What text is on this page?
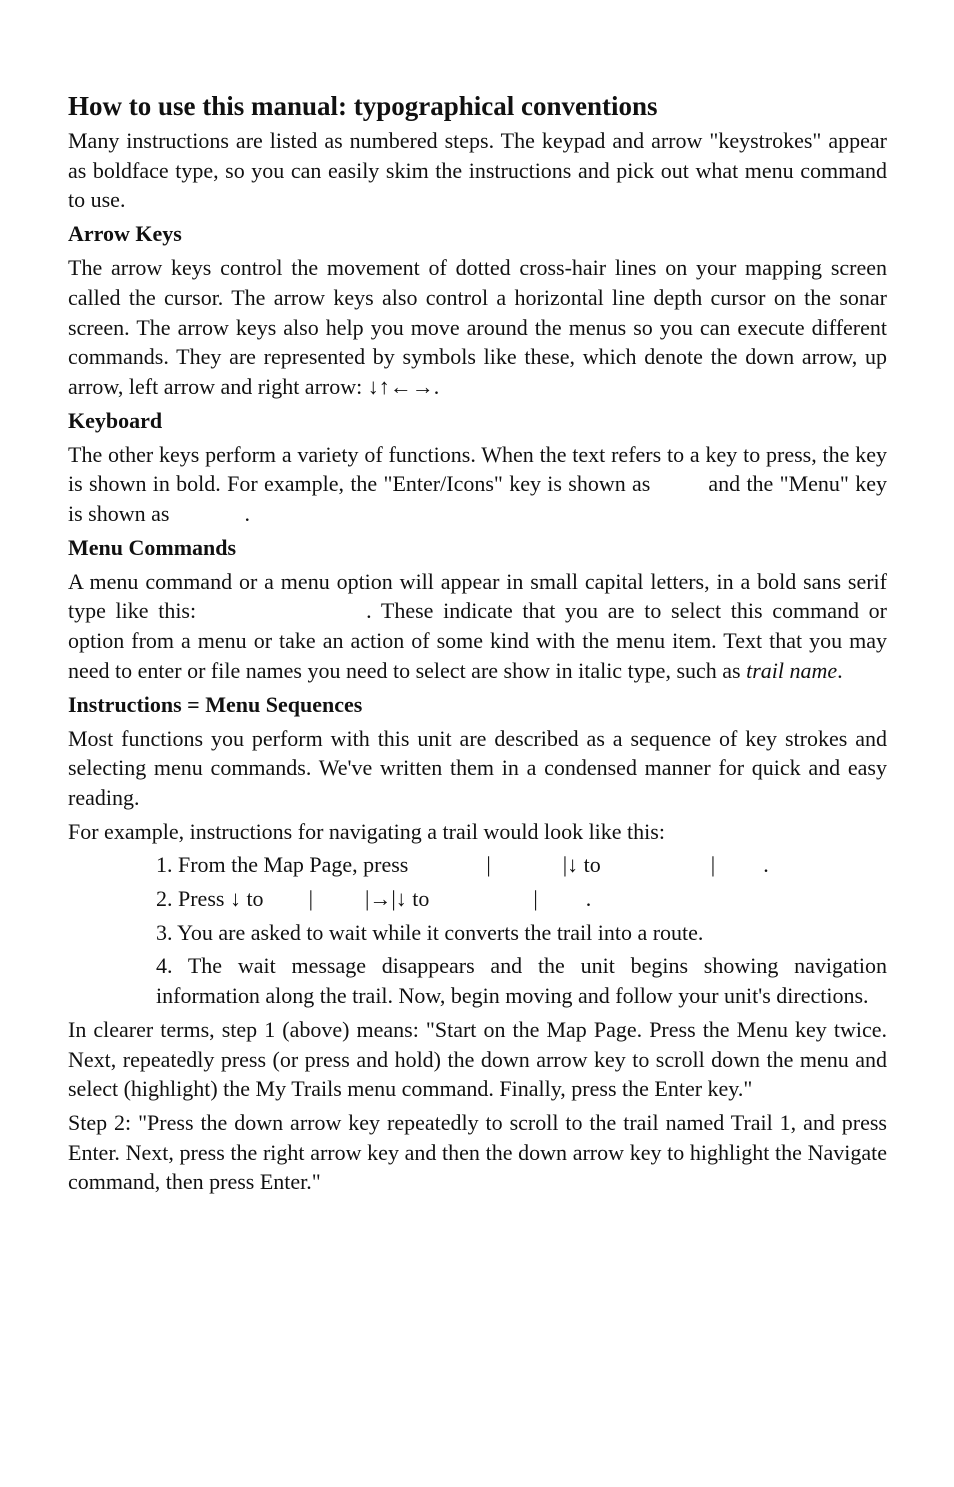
How to use this manual: typographical conventions

Many instructions are listed as numbered steps. The keypad and arrow "keystrokes" appear as boldface type, so you can easily skim the instructions and pick out what menu command to use.

Arrow Keys

The arrow keys control the movement of dotted cross-hair lines on your mapping screen called the cursor. The arrow keys also control a horizontal line depth cursor on the sonar screen. The arrow keys also help you move around the menus so you can execute different commands. They are represented by symbols like these, which denote the down arrow, up arrow, left arrow and right arrow: ↓↑←→.

Keyboard

The other keys perform a variety of functions. When the text refers to a key to press, the key is shown in bold. For example, the "Enter/Icons" key is shown as	and the "Menu" key is shown as	.

Menu Commands

A menu command or a menu option will appear in small capital letters, in a bold sans serif type like this:	. These indicate that you are to select this command or option from a menu or take an action of some kind with the menu item. Text that you may need to enter or file names you need to select are show in italic type, such as trail name.

Instructions = Menu Sequences

Most functions you perform with this unit are described as a sequence of key strokes and selecting menu commands. We've written them in a condensed manner for quick and easy reading.

For example, instructions for navigating a trail would look like this:

1. From the Map Page, press	|	|↓ to	| .

2. Press ↓ to | |→|↓ to	| .

3. You are asked to wait while it converts the trail into a route.

4. The wait message disappears and the unit begins showing navigation information along the trail. Now, begin moving and follow your unit's directions.

In clearer terms, step 1 (above) means: "Start on the Map Page. Press the Menu key twice. Next, repeatedly press (or press and hold) the down arrow key to scroll down the menu and select (highlight) the My Trails menu command. Finally, press the Enter key."

Step 2: "Press the down arrow key repeatedly to scroll to the trail named Trail 1, and press Enter. Next, press the right arrow key and then the down arrow key to highlight the Navigate command, then press Enter."
